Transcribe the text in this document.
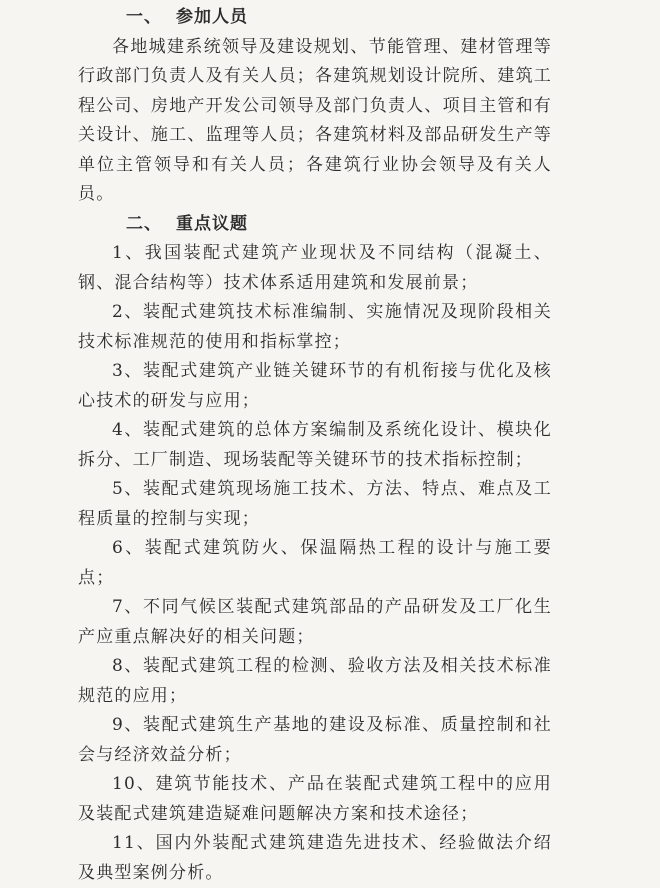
一、 参加人员

各地城建系统领导及建设规划、节能管理、建材管理等行政部门负责人及有关人员；各建筑规划设计院所、建筑工程公司、房地产开发公司领导及部门负责人、项目主管和有关设计、施工、监理等人员；各建筑材料及部品研发生产等单位主管领导和有关人员；各建筑行业协会领导及有关人员。

二、 重点议题

1、我国装配式建筑产业现状及不同结构（混凝土、钢、混合结构等）技术体系适用建筑和发展前景；

2、装配式建筑技术标准编制、实施情况及现阶段相关技术标准规范的使用和指标掌控；

3、装配式建筑产业链关键环节的有机衔接与优化及核心技术的研发与应用；

4、装配式建筑的总体方案编制及系统化设计、模块化拆分、工厂制造、现场装配等关键环节的技术指标控制；

5、装配式建筑现场施工技术、方法、特点、难点及工程质量的控制与实现；

6、装配式建筑防火、保温隔热工程的设计与施工要点；

7、不同气候区装配式建筑部品的产品研发及工厂化生产应重点解决好的相关问题；

8、装配式建筑工程的检测、验收方法及相关技术标准规范的应用；

9、装配式建筑生产基地的建设及标准、质量控制和社会与经济效益分析；

10、建筑节能技术、产品在装配式建筑工程中的应用及装配式建筑建造疑难问题解决方案和技术途径；

11、国内外装配式建筑建造先进技术、经验做法介绍及典型案例分析。
